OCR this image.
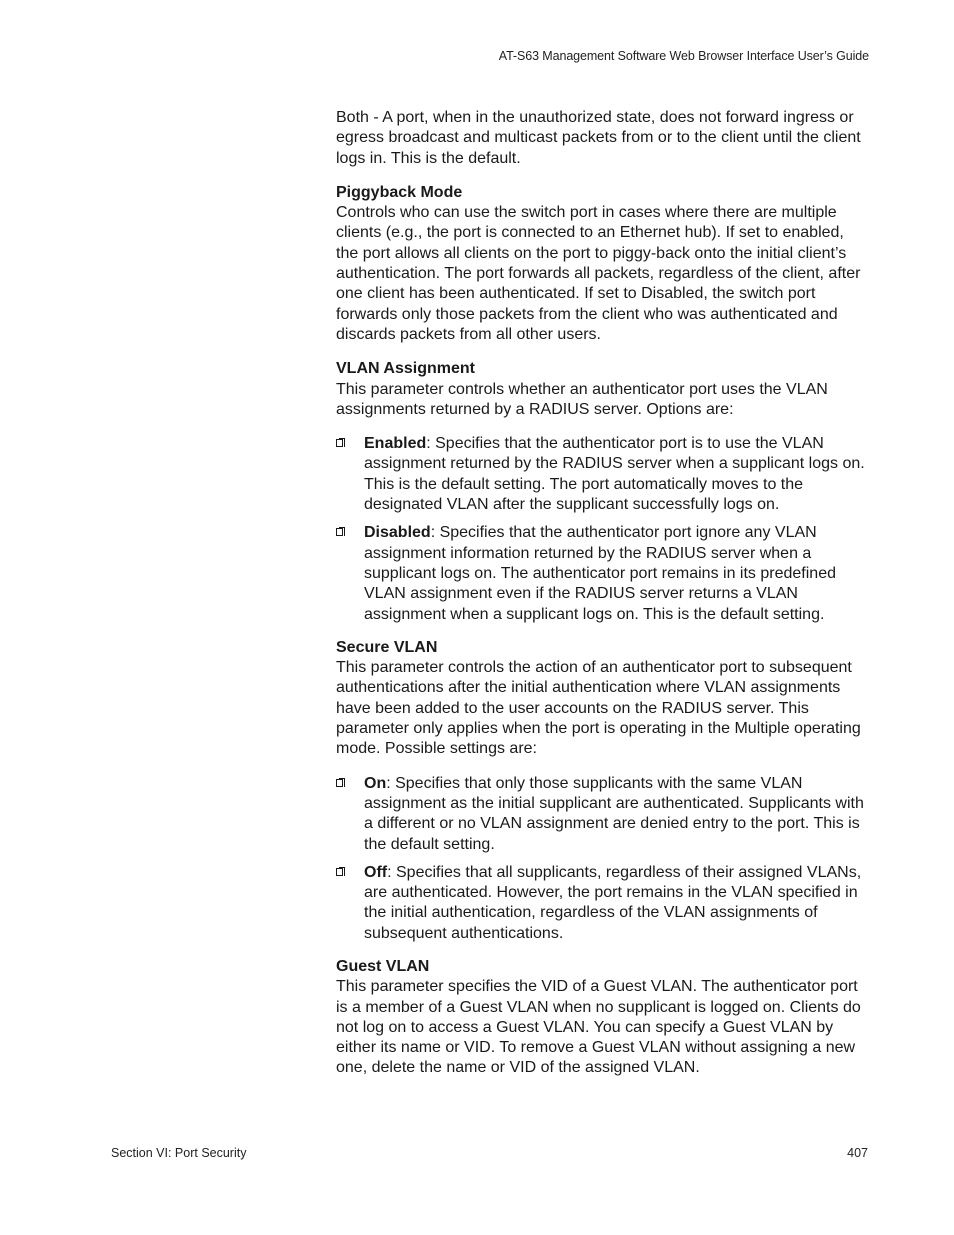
AT-S63 Management Software Web Browser Interface User’s Guide

Both - A port, when in the unauthorized state, does not forward ingress or egress broadcast and multicast packets from or to the client until the client logs in. This is the default.

Piggyback Mode

Controls who can use the switch port in cases where there are multiple clients (e.g., the port is connected to an Ethernet hub). If set to enabled, the port allows all clients on the port to piggy-back onto the initial client’s authentication. The port forwards all packets, regardless of the client, after one client has been authenticated. If set to Disabled, the switch port forwards only those packets from the client who was authenticated and discards packets from all other users.

VLAN Assignment

This parameter controls whether an authenticator port uses the VLAN assignments returned by a RADIUS server. Options are:

Enabled: Specifies that the authenticator port is to use the VLAN assignment returned by the RADIUS server when a supplicant logs on. This is the default setting. The port automatically moves to the designated VLAN after the supplicant successfully logs on.
Disabled: Specifies that the authenticator port ignore any VLAN assignment information returned by the RADIUS server when a supplicant logs on. The authenticator port remains in its predefined VLAN assignment even if the RADIUS server returns a VLAN assignment when a supplicant logs on. This is the default setting.

Secure VLAN

This parameter controls the action of an authenticator port to subsequent authentications after the initial authentication where VLAN assignments have been added to the user accounts on the RADIUS server. This parameter only applies when the port is operating in the Multiple operating mode. Possible settings are:

On: Specifies that only those supplicants with the same VLAN assignment as the initial supplicant are authenticated. Supplicants with a different or no VLAN assignment are denied entry to the port. This is the default setting.
Off: Specifies that all supplicants, regardless of their assigned VLANs, are authenticated. However, the port remains in the VLAN specified in the initial authentication, regardless of the VLAN assignments of subsequent authentications.

Guest VLAN

This parameter specifies the VID of a Guest VLAN. The authenticator port is a member of a Guest VLAN when no supplicant is logged on. Clients do not log on to access a Guest VLAN. You can specify a Guest VLAN by either its name or VID. To remove a Guest VLAN without assigning a new one, delete the name or VID of the assigned VLAN.

Section VI: Port Security	407
